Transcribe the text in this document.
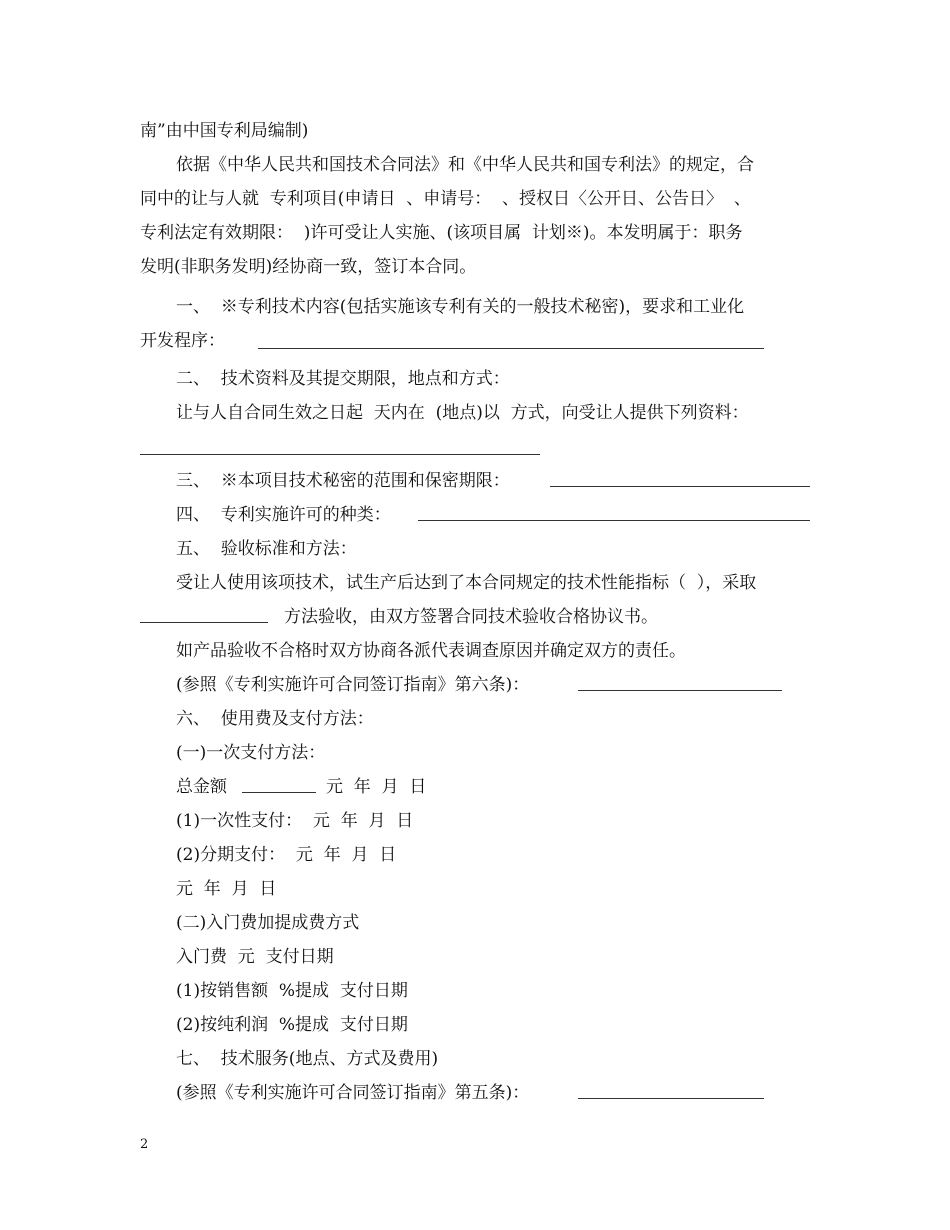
南”由中国专利局编制)
依据《中华人民共和国技术合同法》和《中华人民共和国专利法》的规定，合
同中的让与人就  专利项目(申请日  、申请号：  、授权日〈公开日、公告日〉  、
专利法定有效期限：  )许可受让人实施、(该项目属  计划※)。本发明属于：职务
发明(非职务发明)经协商一致，签订本合同。
一、  ※专利技术内容(包括实施该专利有关的一般技术秘密)，要求和工业化
开发程序：
二、  技术资料及其提交期限，地点和方式：
让与人自合同生效之日起  天内在  (地点)以  方式，向受让人提供下列资料：
三、  ※本项目技术秘密的范围和保密期限：
四、  专利实施许可的种类：
五、  验收标准和方法：
受让人使用该项技术，试生产后达到了本合同规定的技术性能指标（  ），采取
方法验收，由双方签署合同技术验收合格协议书。
如产品验收不合格时双方协商各派代表调查原因并确定双方的责任。
(参照《专利实施许可合同签订指南》第六条)：
六、  使用费及支付方法：
(一)一次支付方法：
总金额	元  年  月  日
(1)一次性支付：  元  年  月  日
(2)分期支付：  元  年  月  日
元  年  月  日
(二)入门费加提成费方式
入门费  元  支付日期
(1)按销售额  %提成  支付日期
(2)按纯利润  %提成  支付日期
七、  技术服务(地点、方式及费用)
(参照《专利实施许可合同签订指南》第五条)：
2
